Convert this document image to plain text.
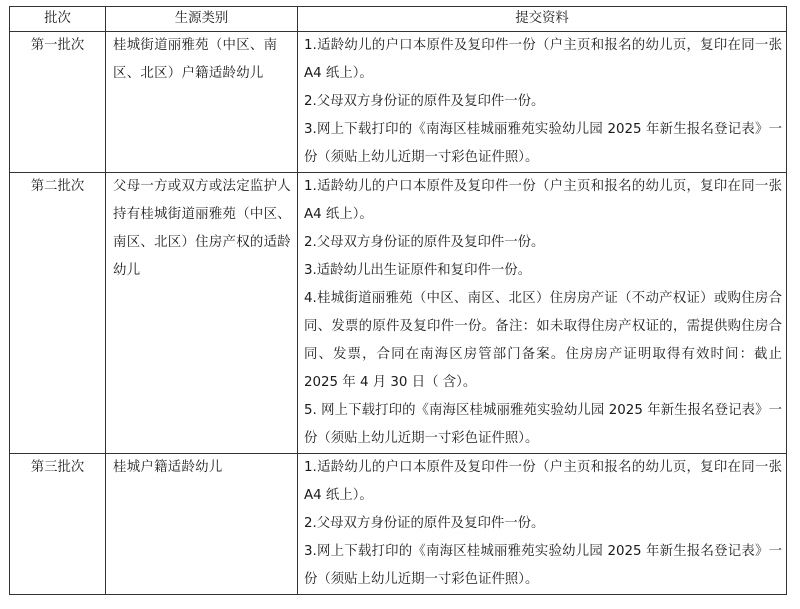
批次	生源类别	提交资料
第一批次	桂城街道丽雅苑（中区、南区、北区）户籍适龄幼儿	1.适龄幼儿的户口本原件及复印件一份（户主页和报名的幼儿页，复印在同一张 A4 纸上）。
2.父母双方身份证的原件及复印件一份。
3.网上下载打印的《南海区桂城丽雅苑实验幼儿园 2025 年新生报名登记表》一份（须贴上幼儿近期一寸彩色证件照）。

第二批次	父母一方或双方或法定监护人持有桂城街道丽雅苑（中区、南区、北区）住房产权的适龄幼儿	1.适龄幼儿的户口本原件及复印件一份（户主页和报名的幼儿页，复印在同一张 A4 纸上）。
2.父母双方身份证的原件及复印件一份。
3.适龄幼儿出生证原件和复印件一份。
4.桂城街道丽雅苑（中区、南区、北区）住房房产证（不动产权证）或购住房合同、发票的原件及复印件一份。备注：如未取得住房产权证的，需提供购住房合同、发票，合同在南海区房管部门备案。住房房产证明取得有效时间：截止 2025 年 4 月 30 日（ 含）。
5. 网上下载打印的《南海区桂城丽雅苑实验幼儿园 2025 年新生报名登记表》一份（须贴上幼儿近期一寸彩色证件照）。

第三批次	桂城户籍适龄幼儿	1.适龄幼儿的户口本原件及复印件一份（户主页和报名的幼儿页，复印在同一张 A4 纸上）。
2.父母双方身份证的原件及复印件一份。
3.网上下载打印的《南海区桂城丽雅苑实验幼儿园 2025 年新生报名登记表》一份（须贴上幼儿近期一寸彩色证件照）。
